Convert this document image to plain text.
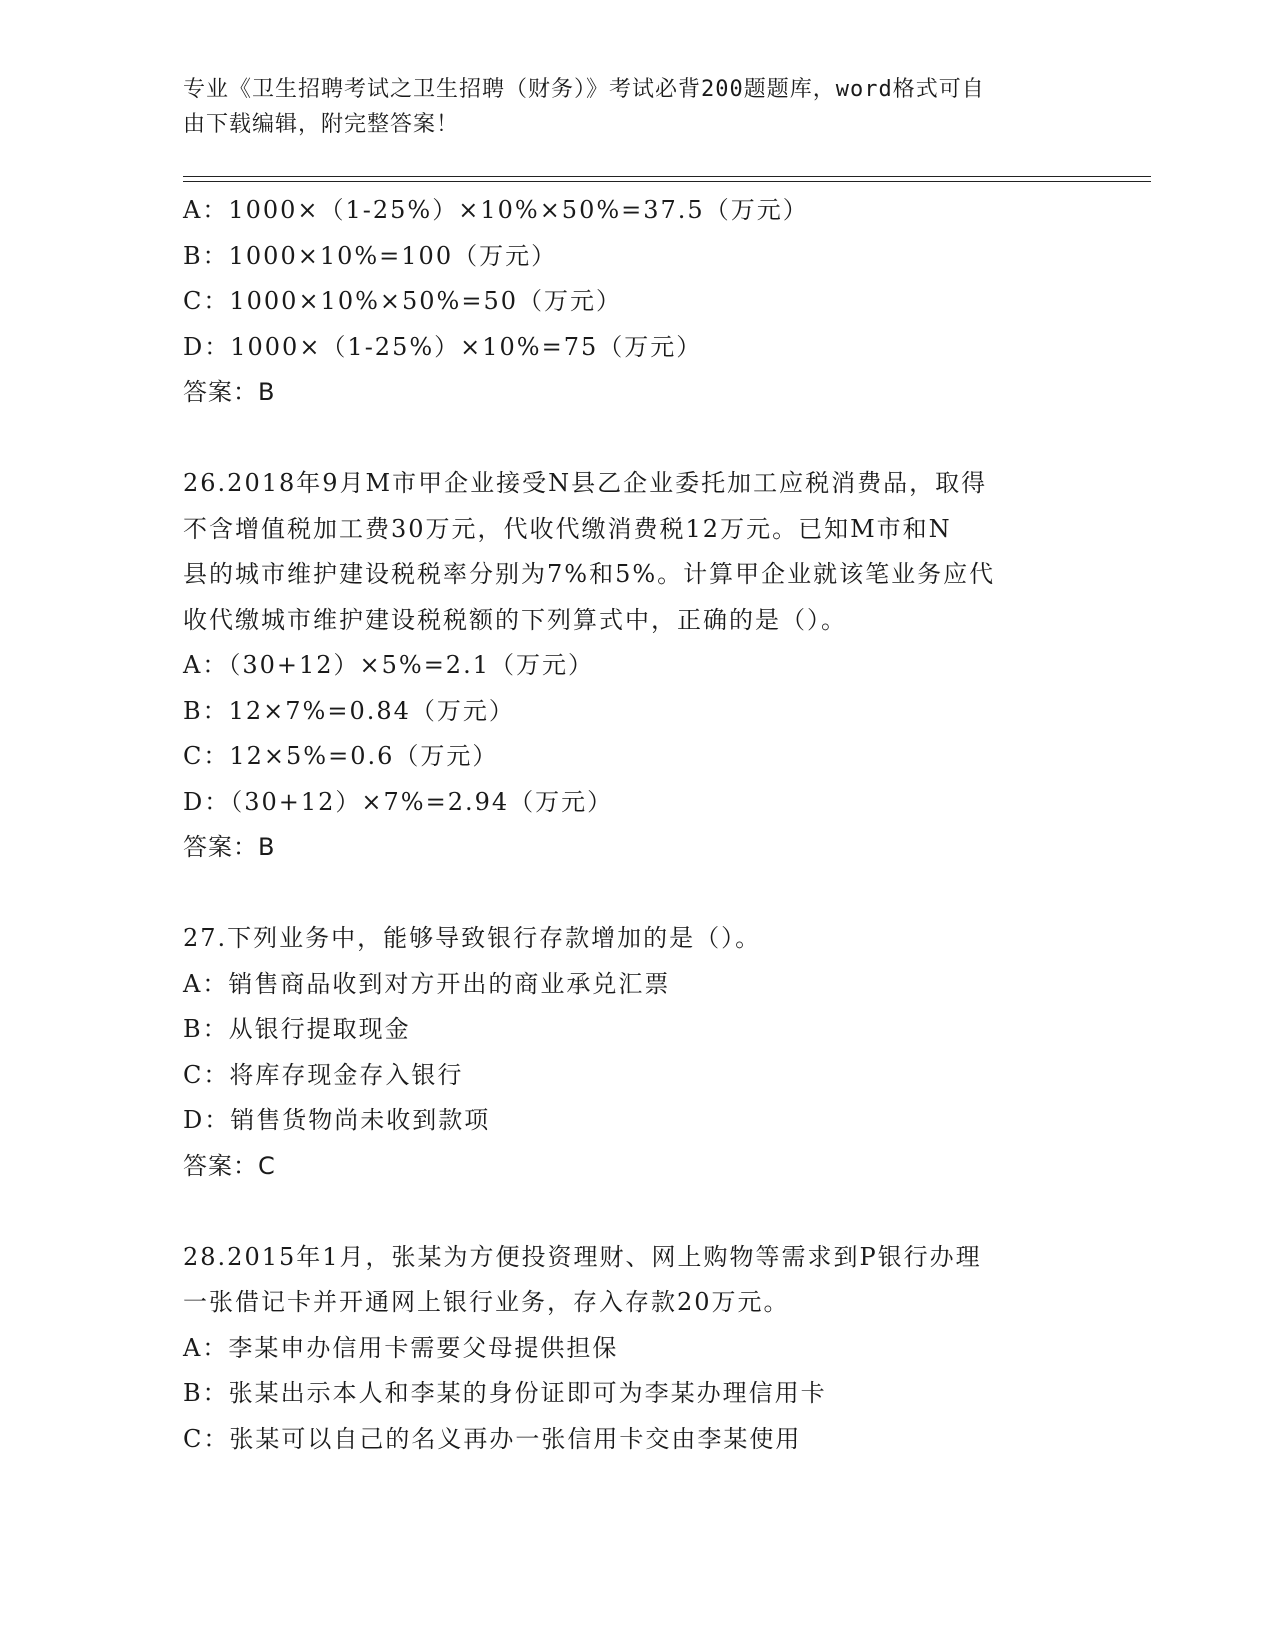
专业《卫生招聘考试之卫生招聘（财务）》考试必背200题题库，word格式可自
由下载编辑，附完整答案！
A：1000×（1-25%）×10%×50%=37.5（万元）
B：1000×10%=100（万元）
C：1000×10%×50%=50（万元）
D：1000×（1-25%）×10%=75（万元）
答案：B
26.2018年9月M市甲企业接受N县乙企业委托加工应税消费品，取得
不含增值税加工费30万元，代收代缴消费税12万元。已知M市和N
县的城市维护建设税税率分别为7%和5%。计算甲企业就该笔业务应代
收代缴城市维护建设税税额的下列算式中，正确的是（）。
A：（30+12）×5%=2.1（万元）
B：12×7%=0.84（万元）
C：12×5%=0.6（万元）
D：（30+12）×7%=2.94（万元）
答案：B
27.下列业务中，能够导致银行存款增加的是（）。
A：销售商品收到对方开出的商业承兑汇票
B：从银行提取现金
C：将库存现金存入银行
D：销售货物尚未收到款项
答案：C
28.2015年1月，张某为方便投资理财、网上购物等需求到P银行办理
一张借记卡并开通网上银行业务，存入存款20万元。
A：李某申办信用卡需要父母提供担保
B：张某出示本人和李某的身份证即可为李某办理信用卡
C：张某可以自己的名义再办一张信用卡交由李某使用
